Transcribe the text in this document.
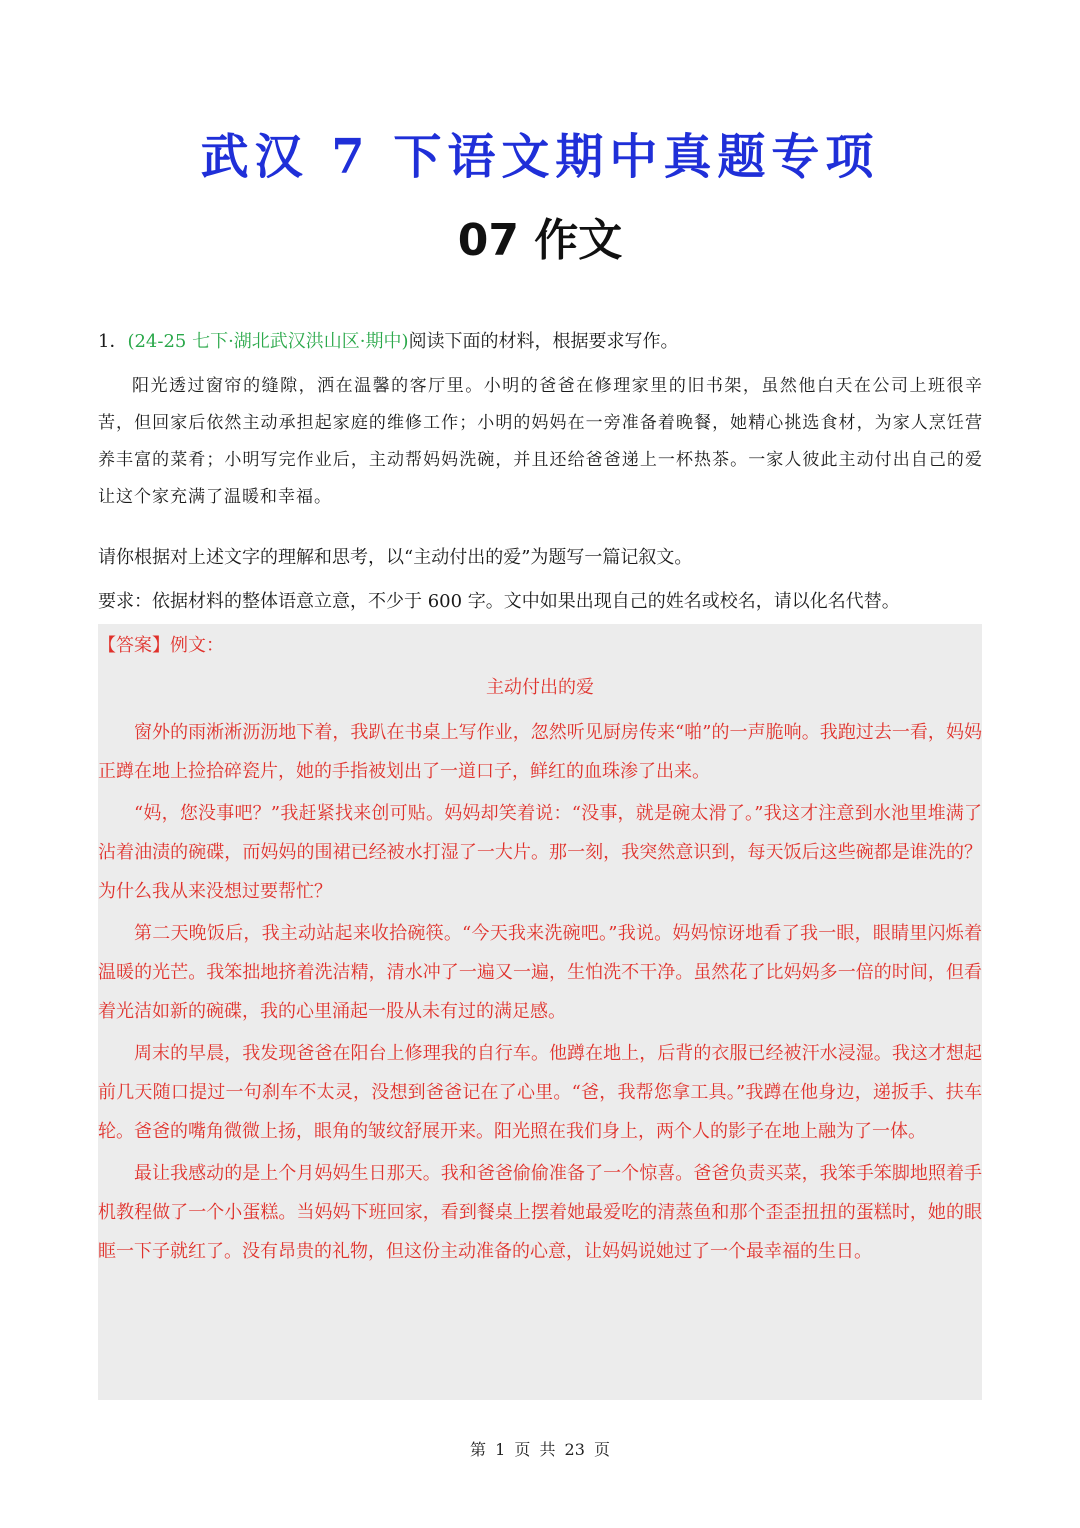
武汉 7 下语文期中真题专项
07 作文
1．(24-25 七下·湖北武汉洪山区·期中)阅读下面的材料，根据要求写作。
阳光透过窗帘的缝隙，洒在温馨的客厅里。小明的爸爸在修理家里的旧书架，虽然他白天在公司上班很辛苦，但回家后依然主动承担起家庭的维修工作；小明的妈妈在一旁准备着晚餐，她精心挑选食材，为家人烹饪营养丰富的菜肴；小明写完作业后，主动帮妈妈洗碗，并且还给爸爸递上一杯热茶。一家人彼此主动付出自己的爱让这个家充满了温暖和幸福。
请你根据对上述文字的理解和思考，以“主动付出的爱”为题写一篇记叙文。
要求：依据材料的整体语意立意，不少于 600 字。文中如果出现自己的姓名或校名，请以化名代替。
【答案】例文：
主动付出的爱

窗外的雨淅淅沥沥地下着，我趴在书桌上写作业，忽然听见厨房传来“啪”的一声脆响。我跑过去一看，妈妈正蹲在地上捡拾碎瓷片，她的手指被划出了一道口子，鲜红的血珠渗了出来。

“妈，您没事吧？”我赶紧找来创可贴。妈妈却笑着说：“没事，就是碗太滑了。”我这才注意到水池里堆满了沾着油渍的碗碟，而妈妈的围裙已经被水打湿了一大片。那一刻，我突然意识到，每天饭后这些碗都是谁洗的？为什么我从来没想过要帮忙？

第二天晚饭后，我主动站起来收拾碗筷。“今天我来洗碗吧。”我说。妈妈惊讶地看了我一眼，眼睛里闪烁着温暖的光芒。我笨拙地挤着洗洁精，清水冲了一遍又一遍，生怕洗不干净。虽然花了比妈妈多一倍的时间，但看着光洁如新的碗碟，我的心里涌起一股从未有过的满足感。

周末的早晨，我发现爸爸在阳台上修理我的自行车。他蹲在地上，后背的衣服已经被汗水浸湿。我这才想起前几天随口提过一句刹车不太灵，没想到爸爸记在了心里。“爸，我帮您拿工具。”我蹲在他身边，递扳手、扶车轮。爸爸的嘴角微微上扬，眼角的皱纹舒展开来。阳光照在我们身上，两个人的影子在地上融为了一体。

最让我感动的是上个月妈妈生日那天。我和爸爸偷偷准备了一个惊喜。爸爸负责买菜，我笨手笨脚地照着手机教程做了一个小蛋糕。当妈妈下班回家，看到餐桌上摆着她最爱吃的清蒸鱼和那个歪歪扭扭的蛋糕时，她的眼眶一下子就红了。没有昂贵的礼物，但这份主动准备的心意，让妈妈说她过了一个最幸福的生日。

第 1 页 共 23 页
